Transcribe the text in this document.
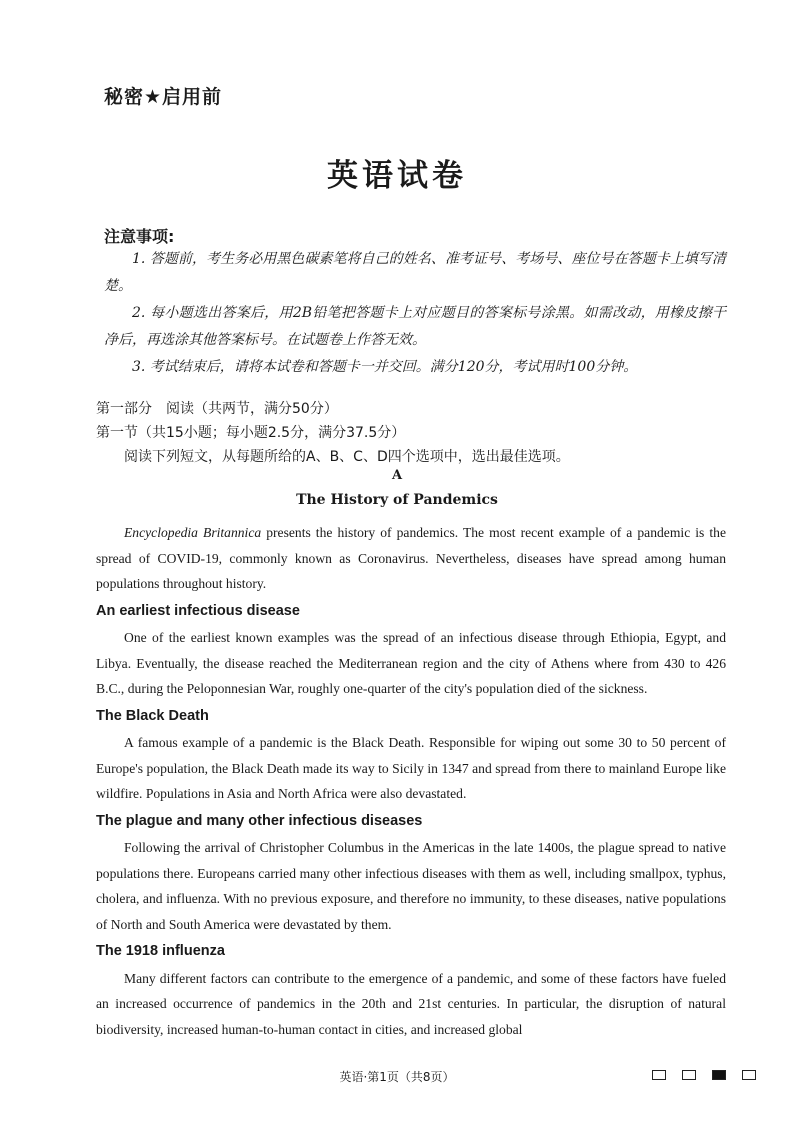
秘密★启用前
英语试卷
注意事项:

1. 答题前，考生务必用黑色碳素笔将自己的姓名、准考证号、考场号、座位号在答题卡上填写清楚。

2. 每小题选出答案后，用2B铅笔把答题卡上对应题目的答案标号涂黑。如需改动，用橡皮擦干净后，再选涂其他答案标号。在试题卷上作答无效。

3. 考试结束后，请将本试卷和答题卡一并交回。满分120分，考试用时100分钟。

第一部分　阅读（共两节，满分50分）
第一节（共15小题；每小题2.5分，满分37.5分）
阅读下列短文，从每题所给的A、B、C、D四个选项中，选出最佳选项。
A
The History of Pandemics

Encyclopedia Britannica presents the history of pandemics. The most recent example of a pandemic is the spread of COVID-19, commonly known as Coronavirus. Nevertheless, diseases have spread among human populations throughout history.

An earliest infectious disease

One of the earliest known examples was the spread of an infectious disease through Ethiopia, Egypt, and Libya. Eventually, the disease reached the Mediterranean region and the city of Athens where from 430 to 426 B.C., during the Peloponnesian War, roughly one-quarter of the city's population died of the sickness.

The Black Death

A famous example of a pandemic is the Black Death. Responsible for wiping out some 30 to 50 percent of Europe's population, the Black Death made its way to Sicily in 1347 and spread from there to mainland Europe like wildfire. Populations in Asia and North Africa were also devastated.

The plague and many other infectious diseases

Following the arrival of Christopher Columbus in the Americas in the late 1400s, the plague spread to native populations there. Europeans carried many other infectious diseases with them as well, including smallpox, typhus, cholera, and influenza. With no previous exposure, and therefore no immunity, to these diseases, native populations of North and South America were devastated by them.

The 1918 influenza

Many different factors can contribute to the emergence of a pandemic, and some of these factors have fueled an increased occurrence of pandemics in the 20th and 21st centuries. In particular, the disruption of natural biodiversity, increased human-to-human contact in cities, and increased global

英语·第1页（共8页）
